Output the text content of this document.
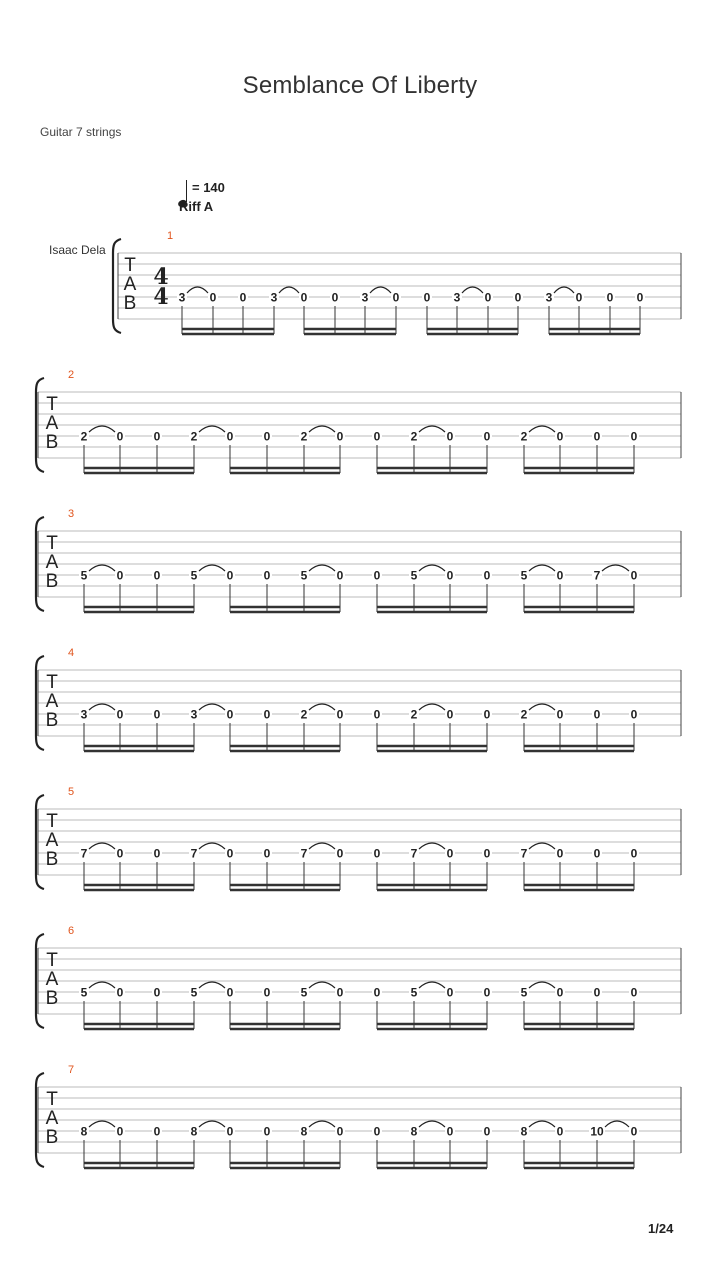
Semblance Of Liberty
Guitar 7 strings
= 140
Riff A
Isaac Dela
T
A
B
4
4
1
3 0 0 3 0 0 3 0 0 3 0 0 3 0 0 0
T
A
B
2
2 0	0	2 0	0	2 0	0	2 0	0	2 0	0	0
T
A
B
3
5 0	0	5 0	0	5 0	0	5 0	0	5 0	7	0
T
A
B
4
3 0	0	3 0	0	2 0	0	2 0	0	2 0	0	0
T
A
B
5
7 0	0	7 0	0	7 0	0	7 0	0	7 0	0	0
T
A
B
6
5 0	0	5 0	0	5 0	0	5 0	0	5 0	0	0
T
A
B
7
8 0	0	8 0	0	8 0	0	8 0	0	8 0 10 0
1/24
